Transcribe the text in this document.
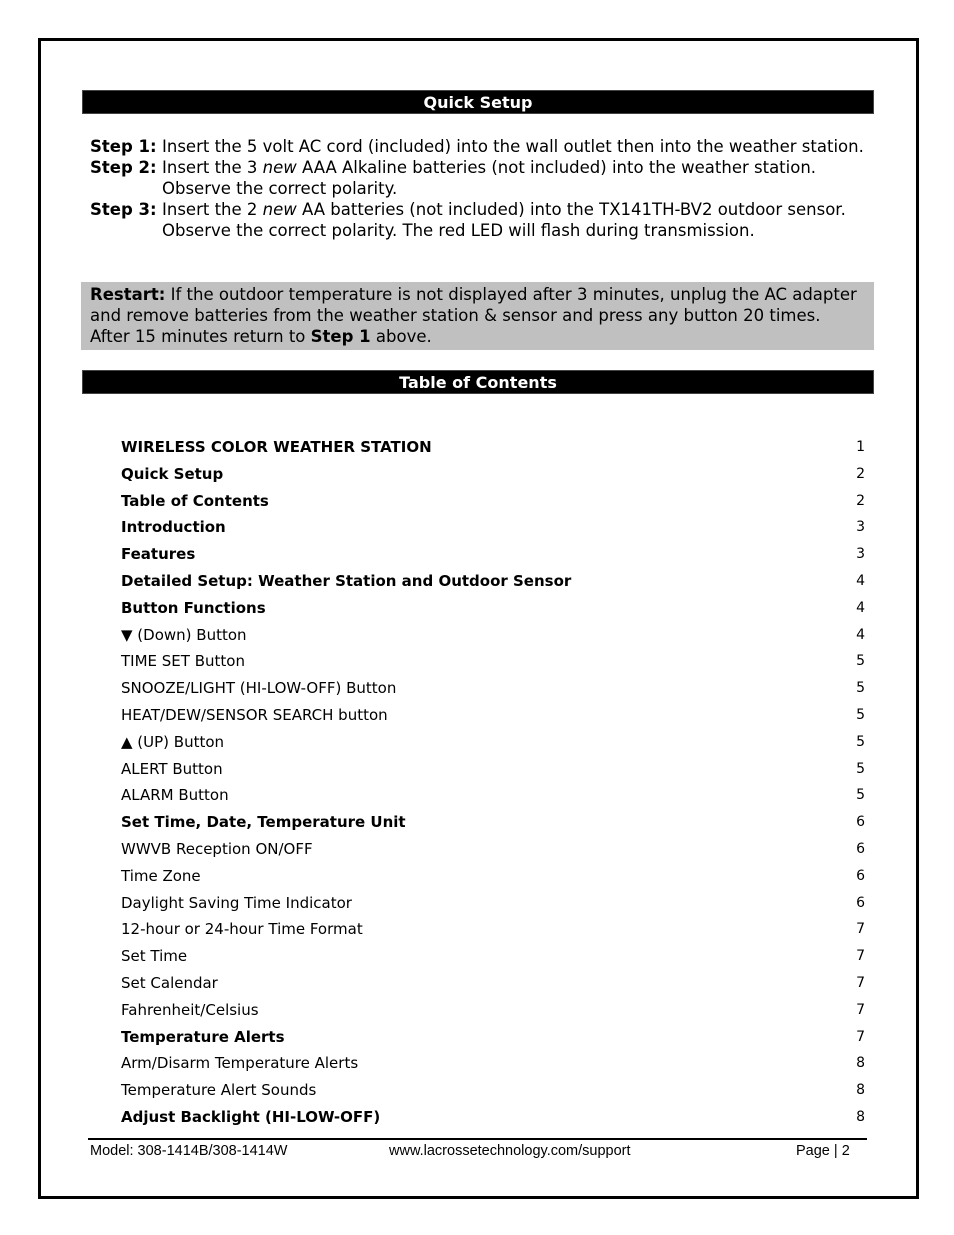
Quick Setup
Step 1: Insert the 5 volt AC cord (included) into the wall outlet then into the weather station.
Step 2: Insert the 3 new AAA Alkaline batteries (not included) into the weather station. Observe the correct polarity.
Step 3: Insert the 2 new AA batteries (not included) into the TX141TH-BV2 outdoor sensor. Observe the correct polarity. The red LED will flash during transmission.
Restart: If the outdoor temperature is not displayed after 3 minutes, unplug the AC adapter and remove batteries from the weather station & sensor and press any button 20 times. After 15 minutes return to Step 1 above.
Table of Contents
WIRELESS COLOR WEATHER STATION	1
Quick Setup	2
Table of Contents	2
Introduction	3
Features	3
Detailed Setup: Weather Station and Outdoor Sensor	4
Button Functions	4
▼ (Down) Button	4
TIME SET Button	5
SNOOZE/LIGHT (HI-LOW-OFF) Button	5
HEAT/DEW/SENSOR SEARCH button	5
▲ (UP) Button	5
ALERT Button	5
ALARM Button	5
Set Time, Date, Temperature Unit	6
WWVB Reception ON/OFF	6
Time Zone	6
Daylight Saving Time Indicator	6
12-hour or 24-hour Time Format	7
Set Time	7
Set Calendar	7
Fahrenheit/Celsius	7
Temperature Alerts	7
Arm/Disarm Temperature Alerts	8
Temperature Alert Sounds	8
Adjust Backlight (HI-LOW-OFF)	8
Model: 308-1414B/308-1414W	www.lacrossetechnology.com/support	Page | 2
